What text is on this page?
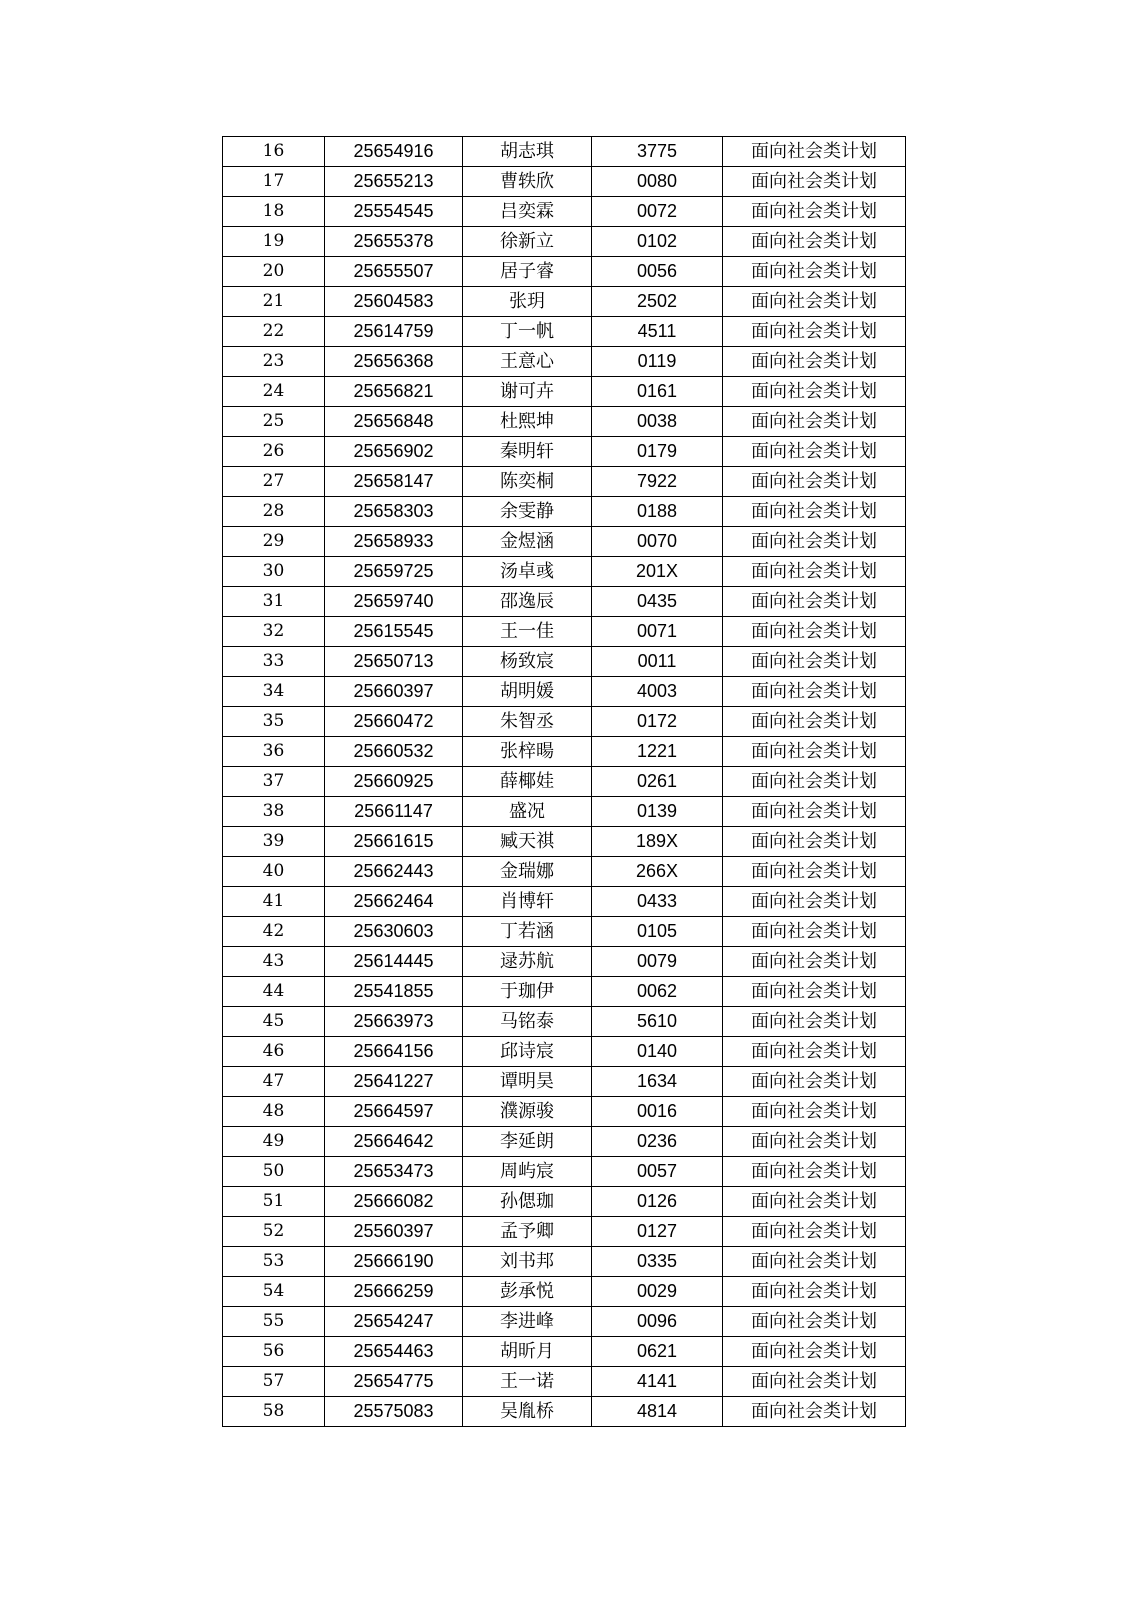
16	25654916	胡志琪	3775	面向社会类计划
17	25655213	曹轶欣	0080	面向社会类计划
18	25554545	吕奕霖	0072	面向社会类计划
19	25655378	徐新立	0102	面向社会类计划
20	25655507	居子睿	0056	面向社会类计划
21	25604583	张玥	2502	面向社会类计划
22	25614759	丁一帆	4511	面向社会类计划
23	25656368	王意心	0119	面向社会类计划
24	25656821	谢可卉	0161	面向社会类计划
25	25656848	杜熙坤	0038	面向社会类计划
26	25656902	秦明轩	0179	面向社会类计划
27	25658147	陈奕桐	7922	面向社会类计划
28	25658303	余雯静	0188	面向社会类计划
29	25658933	金煜涵	0070	面向社会类计划
30	25659725	汤卓彧	201X	面向社会类计划
31	25659740	邵逸辰	0435	面向社会类计划
32	25615545	王一佳	0071	面向社会类计划
33	25650713	杨致宸	0011	面向社会类计划
34	25660397	胡明媛	4003	面向社会类计划
35	25660472	朱智丞	0172	面向社会类计划
36	25660532	张梓暘	1221	面向社会类计划
37	25660925	薛椰娃	0261	面向社会类计划
38	25661147	盛况	0139	面向社会类计划
39	25661615	臧天祺	189X	面向社会类计划
40	25662443	金瑞娜	266X	面向社会类计划
41	25662464	肖博轩	0433	面向社会类计划
42	25630603	丁若涵	0105	面向社会类计划
43	25614445	逯苏航	0079	面向社会类计划
44	25541855	于珈伊	0062	面向社会类计划
45	25663973	马铭泰	5610	面向社会类计划
46	25664156	邱诗宸	0140	面向社会类计划
47	25641227	谭明昊	1634	面向社会类计划
48	25664597	濮源骏	0016	面向社会类计划
49	25664642	李延朗	0236	面向社会类计划
50	25653473	周屿宸	0057	面向社会类计划
51	25666082	孙偲珈	0126	面向社会类计划
52	25560397	孟予卿	0127	面向社会类计划
53	25666190	刘书邦	0335	面向社会类计划
54	25666259	彭承悦	0029	面向社会类计划
55	25654247	李进峰	0096	面向社会类计划
56	25654463	胡昕月	0621	面向社会类计划
57	25654775	王一诺	4141	面向社会类计划
58	25575083	吴胤桥	4814	面向社会类计划
